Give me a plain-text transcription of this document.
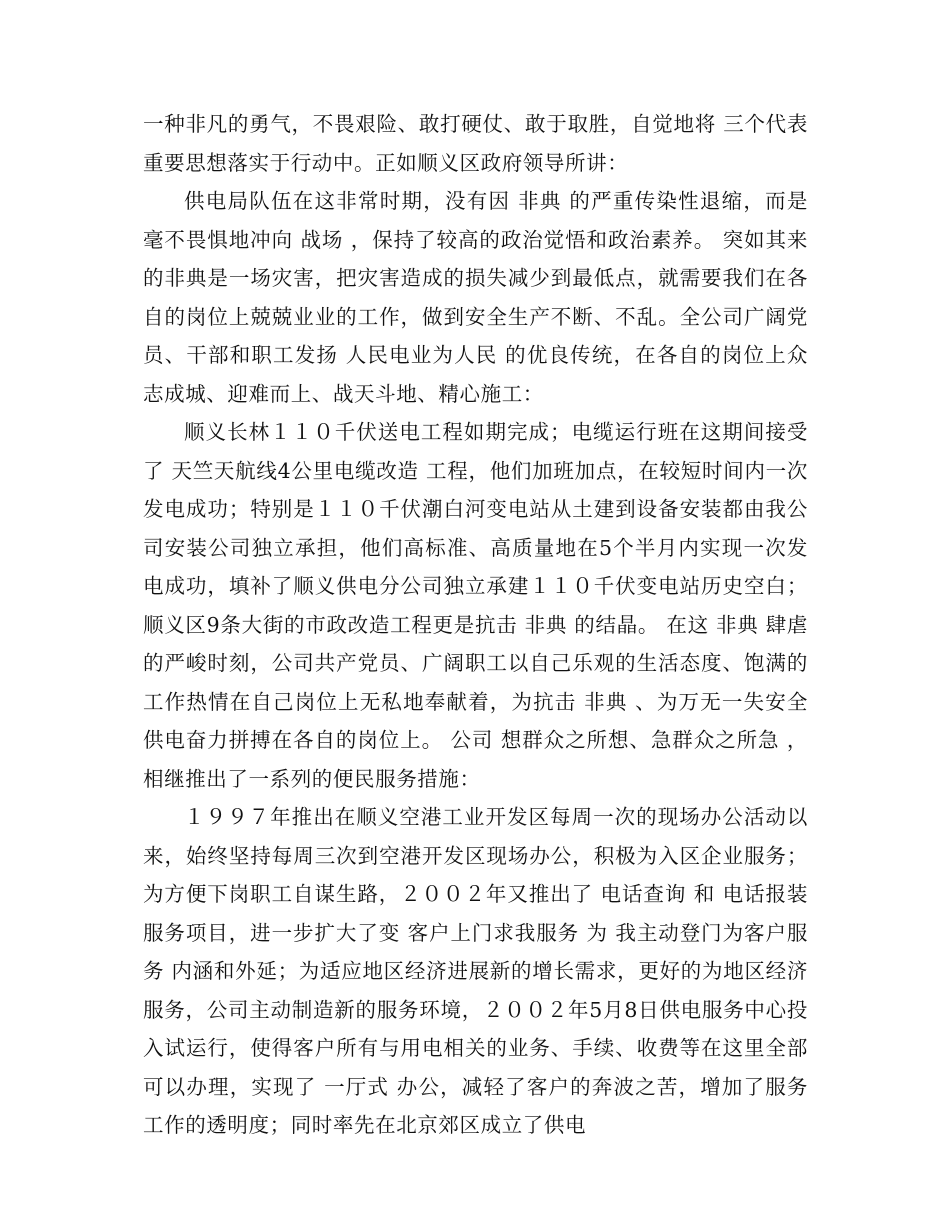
一种非凡的勇气，不畏艰险、敢打硬仗、敢于取胜，自觉地将 三个代表 重要思想落实于行动中。正如顺义区政府领导所讲：

供电局队伍在这非常时期，没有因 非典 的严重传染性退缩，而是毫不畏惧地冲向 战场 ，保持了较高的政治觉悟和政治素养。 突如其来的非典是一场灾害，把灾害造成的损失减少到最低点，就需要我们在各自的岗位上兢兢业业的工作，做到安全生产不断、不乱。全公司广阔党员、干部和职工发扬 人民电业为人民 的优良传统，在各自的岗位上众志成城、迎难而上、战天斗地、精心施工：

顺义长林１１０千伏送电工程如期完成；电缆运行班在这期间接受了 天竺天航线4公里电缆改造 工程，他们加班加点，在较短时间内一次发电成功；特别是１１０千伏潮白河变电站从土建到设备安装都由我公司安装公司独立承担，他们高标准、高质量地在5个半月内实现一次发电成功，填补了顺义供电分公司独立承建１１０千伏变电站历史空白；顺义区9条大街的市政改造工程更是抗击 非典 的结晶。 在这 非典 肆虐的严峻时刻，公司共产党员、广阔职工以自己乐观的生活态度、饱满的工作热情在自己岗位上无私地奉献着，为抗击 非典 、为万无一失安全供电奋力拼搏在各自的岗位上。 公司 想群众之所想、急群众之所急 ，相继推出了一系列的便民服务措施：

１９９７年推出在顺义空港工业开发区每周一次的现场办公活动以来，始终坚持每周三次到空港开发区现场办公，积极为入区企业服务；为方便下岗职工自谋生路，２００２年又推出了 电话查询 和 电话报装 服务项目，进一步扩大了变 客户上门求我服务 为 我主动登门为客户服务 内涵和外延；为适应地区经济进展新的增长需求，更好的为地区经济服务，公司主动制造新的服务环境，２００２年5月8日供电服务中心投入试运行，使得客户所有与用电相关的业务、手续、收费等在这里全部可以办理，实现了 一厅式 办公，减轻了客户的奔波之苦，增加了服务工作的透明度；同时率先在北京郊区成立了供电
